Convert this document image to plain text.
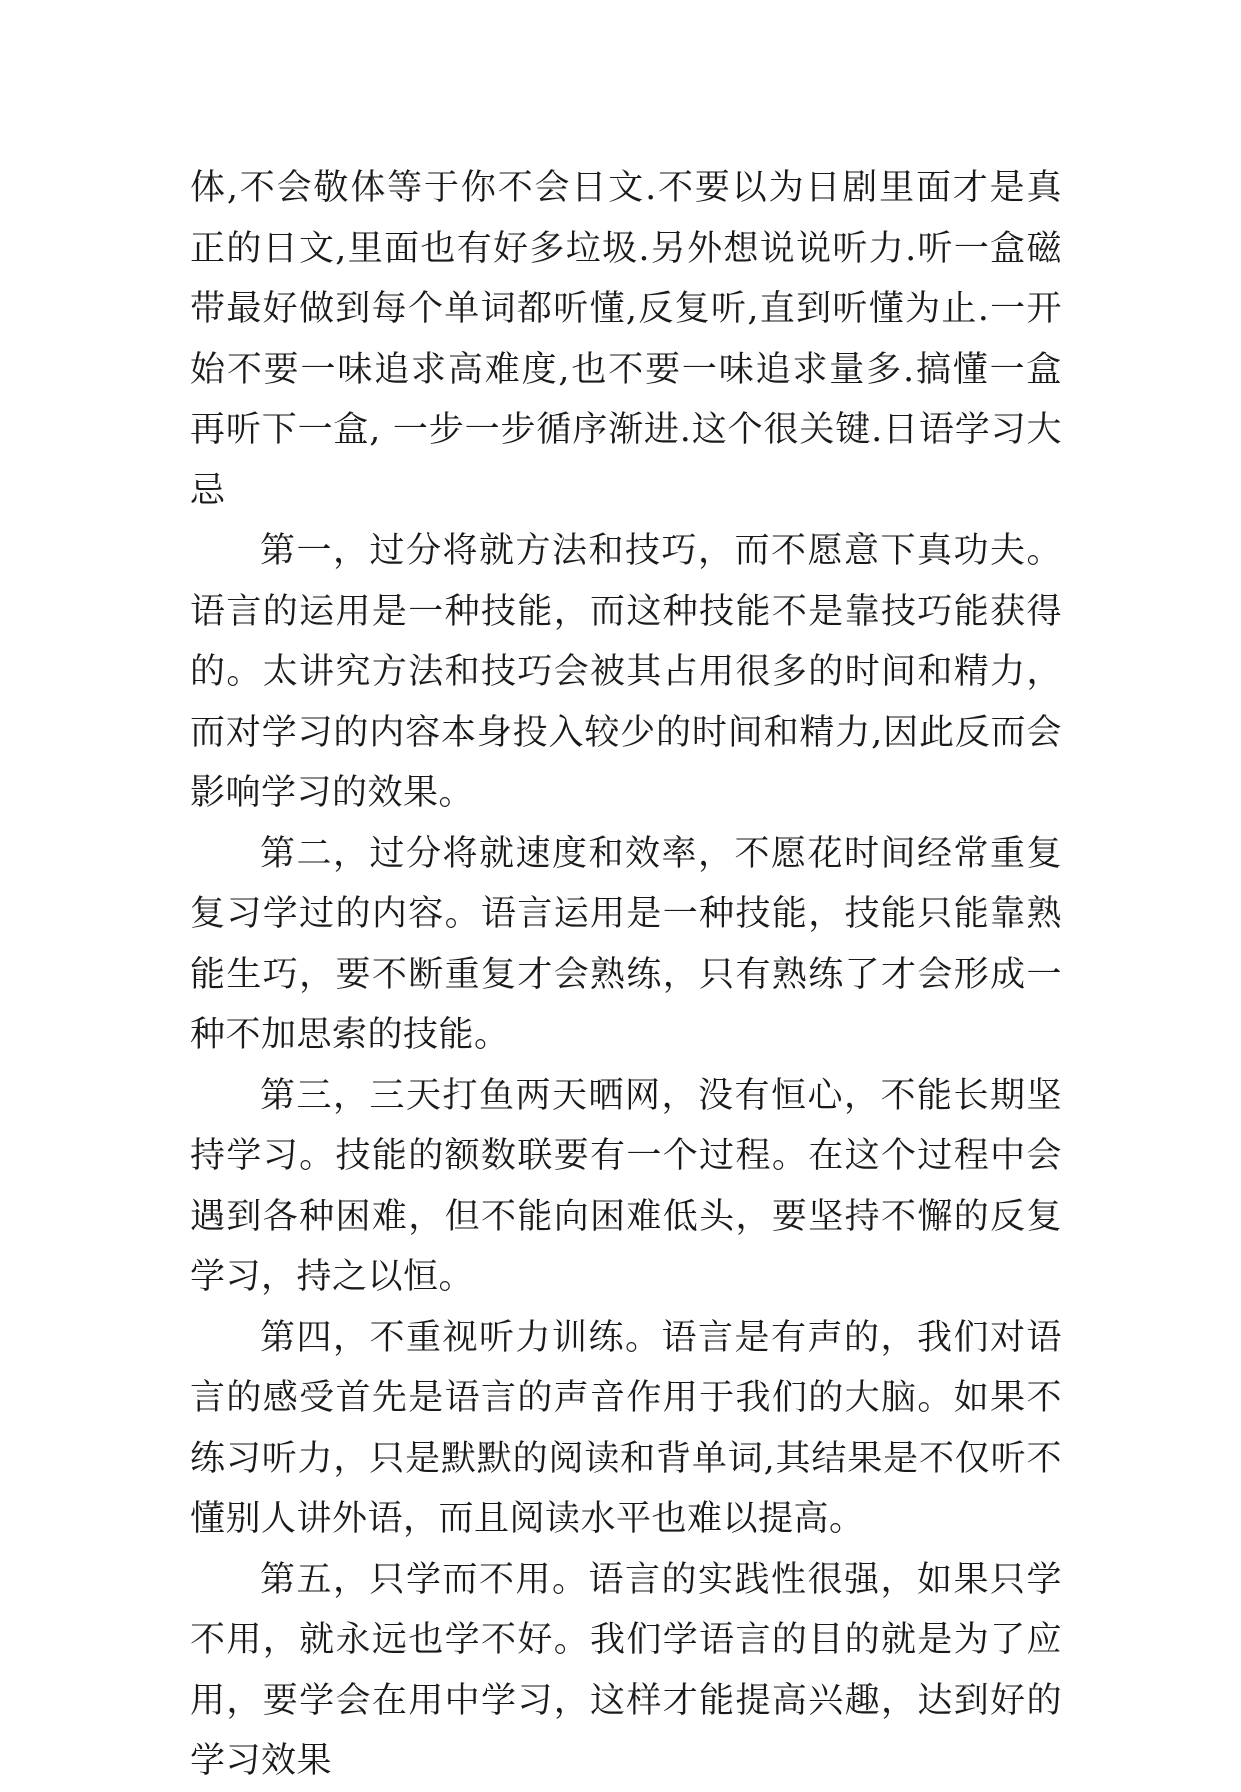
体,不会敬体等于你不会日文.不要以为日剧里面才是真正的日文,里面也有好多垃圾.另外想说说听力.听一盒磁带最好做到每个单词都听懂,反复听,直到听懂为止.一开始不要一味追求高难度,也不要一味追求量多.搞懂一盒再听下一盒, 一步一步循序渐进.这个很关键.日语学习大忌

第一，过分将就方法和技巧，而不愿意下真功夫。语言的运用是一种技能，而这种技能不是靠技巧能获得的。太讲究方法和技巧会被其占用很多的时间和精力，而对学习的内容本身投入较少的时间和精力,因此反而会影响学习的效果。

第二，过分将就速度和效率，不愿花时间经常重复复习学过的内容。语言运用是一种技能，技能只能靠熟能生巧，要不断重复才会熟练，只有熟练了才会形成一种不加思索的技能。

第三，三天打鱼两天晒网，没有恒心，不能长期坚持学习。技能的额数联要有一个过程。在这个过程中会遇到各种困难，但不能向困难低头，要坚持不懈的反复学习，持之以恒。

第四，不重视听力训练。语言是有声的，我们对语言的感受首先是语言的声音作用于我们的大脑。如果不练习听力，只是默默的阅读和背单词,其结果是不仅听不懂别人讲外语，而且阅读水平也难以提高。

第五，只学而不用。语言的实践性很强，如果只学不用，就永远也学不好。我们学语言的目的就是为了应用，要学会在用中学习，这样才能提高兴趣，达到好的学习效果
